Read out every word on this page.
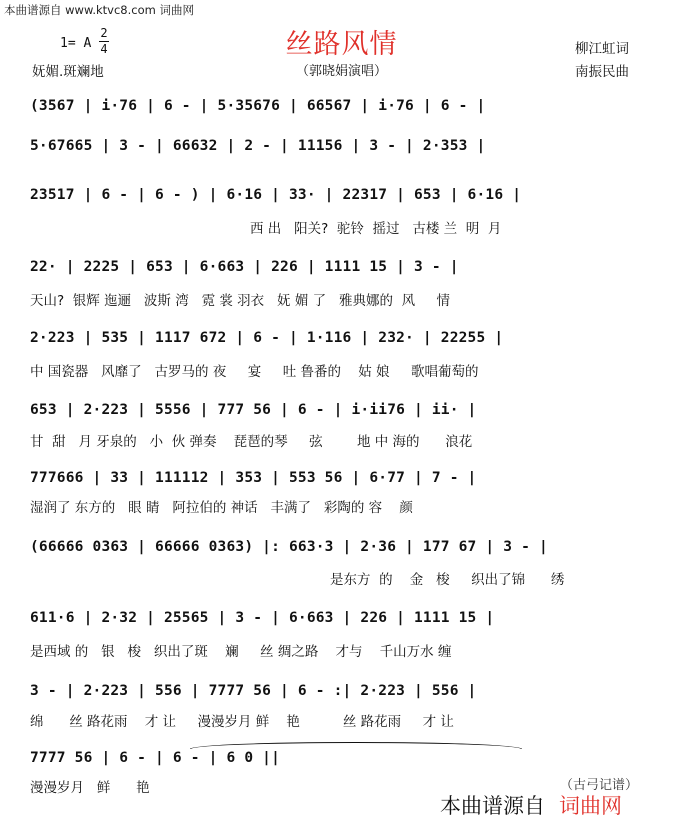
本曲谱源自 www.ktvc8.com 词曲网
丝路风情
1= A
2
4	柳江虹词
（郭晓娟演唱）
妩媚.斑斓地	南振民曲
(3567 | i·76 | 6 - | 5·35676 | 66567 | i·76 | 6 - |
5·67665 | 3 - | 66632 | 2 - | 11156 | 3 - | 2·353 |
23517 | 6 - | 6 - ) | 6·16 | 33· | 22317 | 653 | 6·16 |
西 出   阳关?  驼铃  摇过   古楼 兰  明  月
22· | 2225 | 653 | 6·663 | 226 | 1111 15 | 3 - |
天山?  银辉 迤逦   波斯 湾   霓 裳 羽衣   妩 媚 了   雅典娜的  风     情
2·223 | 535 | 1117 672 | 6 - | 1·116 | 232· | 22255 |
中 国瓷器   风靡了   古罗马的 夜     宴     吐 鲁番的    姑 娘     歌唱葡萄的
653 | 2·223 | 5556 | 777 56 | 6 - | i·ii76 | ii· |
甘  甜   月 牙泉的   小  伙 弹奏    琵琶的琴     弦        地 中 海的      浪花
777666 | 33 | 111112 | 353 | 553 56 | 6·77 | 7 - |
湿润了 东方的   眼 睛   阿拉伯的 神话   丰满了   彩陶的 容    颜
(66666 0363 | 66666 0363) |: 663·3 | 2·36 | 177 67 | 3 - |
是东方  的    金   梭     织出了锦      绣
611·6 | 2·32 | 25565 | 3 - | 6·663 | 226 | 1111 15 |
是西域 的   银   梭   织出了斑    斓     丝 绸之路    才与    千山万水 缠
3 - | 2·223 | 556 | 7777 56 | 6 - :| 2·223 | 556 |
绵      丝 路花雨    才 让     漫漫岁月 鲜    艳          丝 路花雨     才 让
7777 56 | 6 - | 6 - | 6 0 ||
漫漫岁月   鲜      艳	（古弓记谱）
本曲谱源自 词曲网
